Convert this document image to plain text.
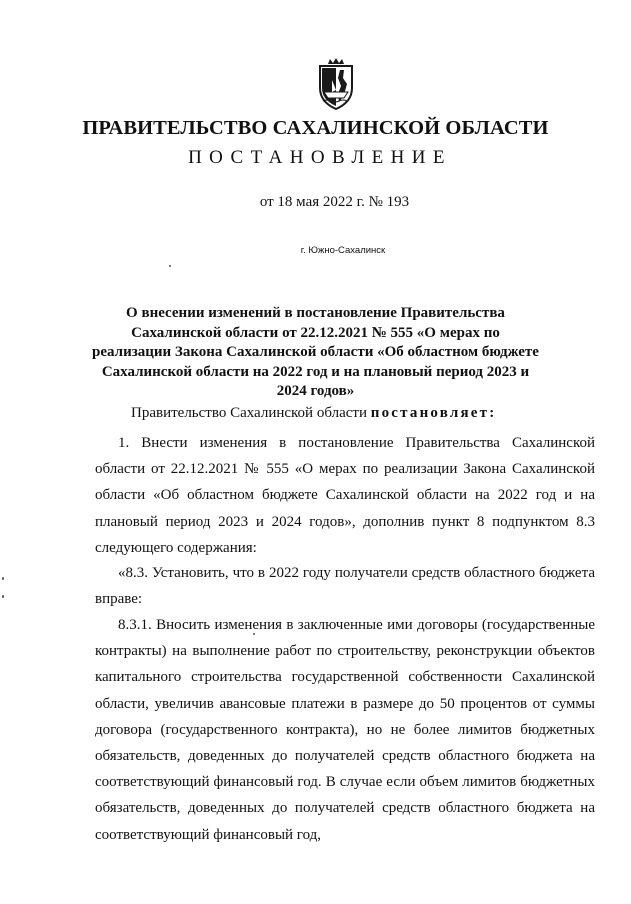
ПРАВИТЕЛЬСТВО САХАЛИНСКОЙ ОБЛАСТИ
ПОСТАНОВЛЕНИЕ
от 18 мая 2022 г. № 193
г. Южно-Сахалинск
О внесении изменений в постановление Правительства Сахалинской области от 22.12.2021 № 555 «О мерах по реализации Закона Сахалинской области «Об областном бюджете Сахалинской области на 2022 год и на плановый период 2023 и 2024 годов»
Правительство Сахалинской области постановляет:
1. Внести изменения в постановление Правительства Сахалинской области от 22.12.2021 № 555 «О мерах по реализации Закона Сахалинской области «Об областном бюджете Сахалинской области на 2022 год и на плановый период 2023 и 2024 годов», дополнив пункт 8 подпунктом 8.3 следующего содержания:
«8.3. Установить, что в 2022 году получатели средств областного бюджета вправе:
8.3.1. Вносить изменения в заключенные ими договоры (государственные контракты) на выполнение работ по строительству, реконструкции объектов капитального строительства государственной собственности Сахалинской области, увеличив авансовые платежи в размере до 50 процентов от суммы договора (государственного контракта), но не более лимитов бюджетных обязательств, доведенных до получателей средств областного бюджета на соответствующий финансовый год. В случае если объем лимитов бюджетных обязательств, доведенных до получателей средств областного бюджета на соответствующий финансовый год,
